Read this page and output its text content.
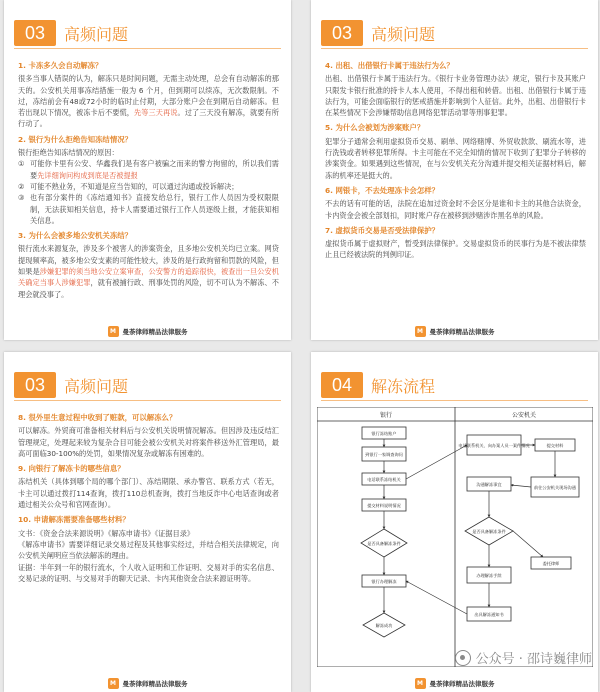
03	高频问题
1. 卡冻多久会自动解冻？
很多当事人错误的认为，解冻只是时间问题，无需主动处理，总会有自动解冻的那天的。公安机关用事冻结措施一般为 6 个月，但到期可以续冻，无次数限制。不过，冻结前会有48或72小时的临时止付期，大部分账户会在到期后自动解冻。但若出现以下情况，被冻卡后不要慌，先等三天再说。过了三天没有解冻，就要有所行动了。
2. 银行为什么拒绝告知冻结情况？
银行拒绝告知冻结情况的原因：
① 可能你卡里有公安、华鑫我们是有客户被骗之而来的警方拘留的，所以我们需要先详细询问构成到底是否被提报
② 可能不熟业务，不知道是应当告知的，可以通过沟通或投诉解决；
③ 也有部分案件的《冻结通知书》直接发给总行，银行工作人员因为受权限限制，无法获知相关信息，持卡人需要通过银行工作人员逐级上报，才能获知相关信息。
3. 为什么会被多地公安机关冻结？
银行流水来源复杂，涉及多个被害人的涉案资金，且多地公安机关均已立案。网贷提现频率高，被多地公安支素的可能性较大，涉及的是行政拘留和罚款的风险，但如果是涉嫌犯罪的须当地公安立案审查，公安警方的追踪很快，被查出一旦公安机关确定当事人涉嫌犯罪，就有被捕行政、刑事处罚的风险，切不可认为不解冻、不理会就没事了。
M	曼荼律师精品法律服务
03	高频问题
4. 出租、出借银行卡属于违法行为么？
出租、出借银行卡属于违法行为。《银行卡业务管理办法》规定，银行卡及其账户只限发卡银行批准的持卡人本人使用，不得出租和转借。出租、出借银行卡属于违法行为，可能会面临银行的惩戒措施并影响到个人征信。此外，出租、出借银行卡在某些情况下会涉嫌帮助信息网络犯罪活动罪等刑事犯罪。
5. 为什么会被划为涉案账户？
犯罪分子通常会利用虚拟货币交易、刷单、网络赌博、外贸收款款、刷流水等，进行洗钱或者转移犯罪所得。卡主可能在不完全知情的情况下收到了犯罪分子转移的涉案资金。如果遇到这些情况，在与公安机关充分沟通并提交相关证据材料后，解冻的机率还是挺大的。
6. 网银卡，不去处理冻卡会怎样？
不去的话有可能的话，法院在追加过资金时不会区分是谁和卡主的其他合法资金，卡内资金会被全部划扣，同时账户存在被移到涉赌涉诈黑名单的风险。
7. 虚拟货币交易是否受法律保护？
虚拟货币属于虚拟财产，暂受到法律保护。交易虚拟货币的民事行为是不被法律禁止且已经被法院的判例印证。
M	曼荼律师精品法律服务
03	高频问题
8. 很外里生意过程中收到了赃款，可以解冻么？
可以解冻。外贸商可准备相关材料后与公安机关说明情况解冻。但因涉及违反结汇管理规定，处理起来较为复杂合目可能会被公安机关对将案件移送外汇管理局，最高可面临30-100%的处罚，如果情况复杂或解冻有困难的。
9. 向银行了解冻卡的哪些信息？
冻结机关（具体到哪个局的哪个部门）、冻结期限、承办警官、联系方式（若无，卡主可以通过拨打114查询，拨打110总机查询，拨打当地反诈中心电话查询或者通过相关公众号和官网查询）。
10. 申请解冻需要准备哪些材料？
文书：《资金合法来源说明》《解冻申请书》《证据目录》
《解冻申请书》需要详细记录交易过程及其他事实经过，并结合相关法律规定，向公安机关阐明应当依法解冻的理由。
证据：半年到一年的银行流水，个人收入证明和工作证明、交易对手的实名信息、交易记录的证明、与交易对手的聊天记录、卡内其他资金合法来源证明等。
M	曼荼律师精品法律服务
04	解冻流程
银行	公安机关
银行冻结账户
到银行一家调查询问
电话联系冻结机关
提交材料说明情况
是否具备解冻条件
银行办理解冻
解冻成功
电话联系机关、向办案人员一案件情况	提交材料
沟通解冻事宜
前往公安机关现场沟通
是否具备解冻条件
办理解冻手续
委托律师
出具解冻通知书
M	曼荼律师精品法律服务
公众号 · 邵诗巍律师
